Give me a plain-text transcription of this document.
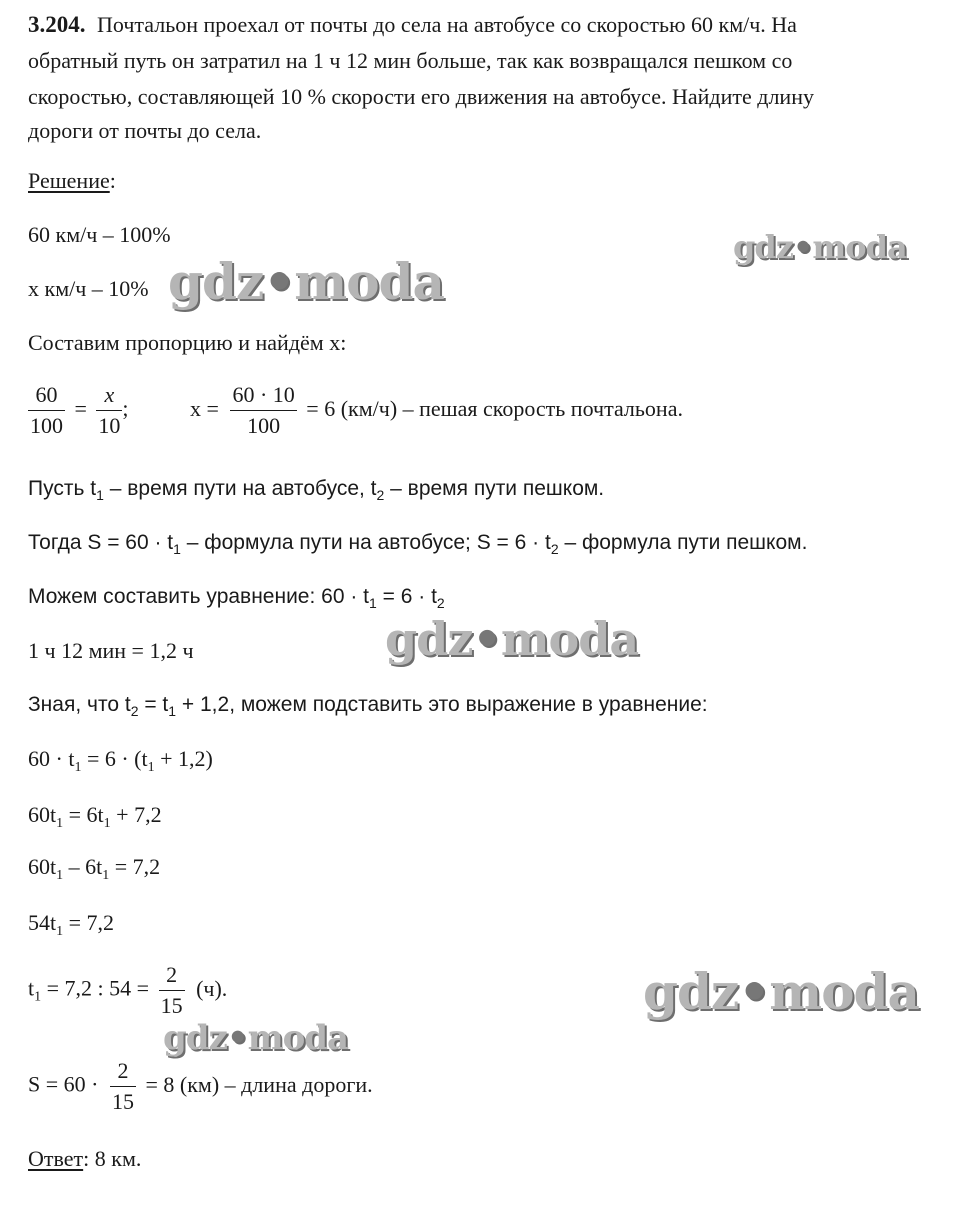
3.204. Почтальон проехал от почты до села на автобусе со скоростью 60 км/ч. На
обратный путь он затратил на 1 ч 12 мин больше, так как возвращался пешком со
скоростью, составляющей 10 % скорости его движения на автобусе. Найдите длину
дороги от почты до села.
Решение:
60 км/ч – 100%
х км/ч – 10%
Составим пропорцию и найдём х:
$\frac{60}{100} = \frac{x}{10}$ ;	$x = \frac{60 \cdot 10}{100} = 6$ (км/ч) – пешая скорость почтальона.
Пусть $t_1$ – время пути на автобусе, $t_2$ – время пути пешком.
Тогда $S = 60 \cdot t_1$ – формула пути на автобусе; $S = 6 \cdot t_2$ – формула пути пешком.
Можем составить уравнение: $60 \cdot t_1 = 6 \cdot t_2$
1 ч 12 мин = 1,2 ч
Зная, что $t_2 = t_1 + 1,2$, можем подставить это выражение в уравнение:
$60 \cdot t_1 = 6 \cdot (t_1 + 1,2)$
$60t_1 = 6t_1 + 7,2$
$60t_1 - 6t_1 = 7,2$
$54t_1 = 7,2$
$t_1 = 7,2$ : $54 = \frac{2}{15} (ч)$.
$S = 60 \cdot \frac{2}{15} = 8$ (км) – длина дороги.
Ответ: 8 км.
gdz•moda
gdz•moda
gdz•moda
gdz•moda
gdz•moda
